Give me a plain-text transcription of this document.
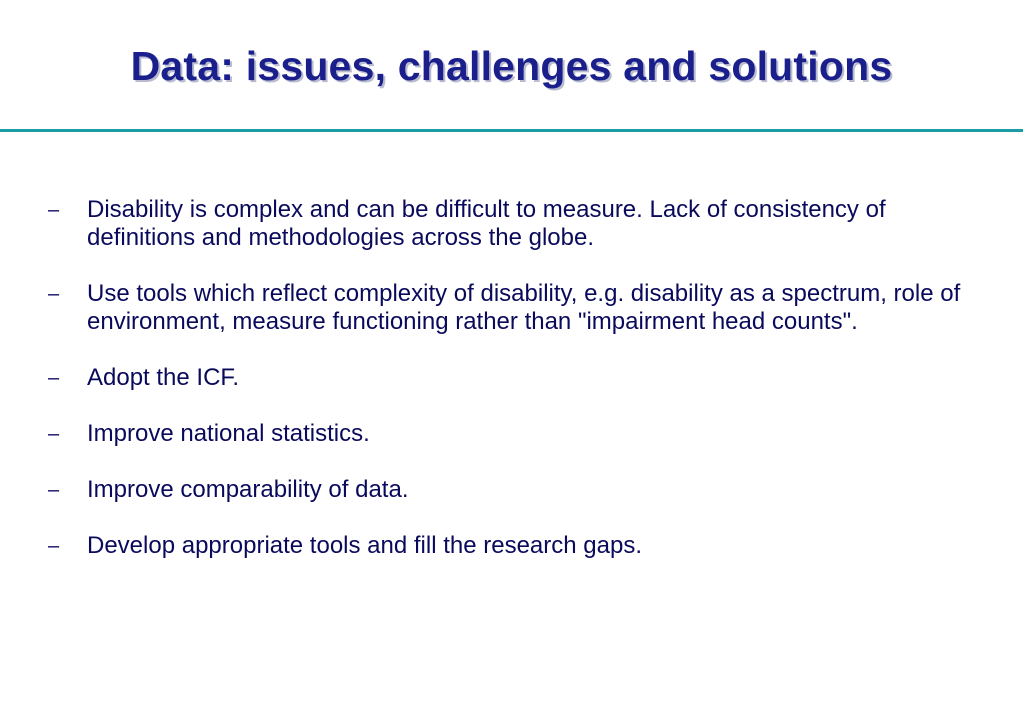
Data: issues, challenges and solutions
–	Disability is complex and can be difficult to measure. Lack of consistency of definitions and methodologies across the globe.
–	Use tools which reflect complexity of disability, e.g. disability as a spectrum, role of environment, measure functioning rather than "impairment head counts".
–	Adopt the ICF.
–	Improve national statistics.
–	Improve comparability of data.
–	Develop appropriate tools and fill the research gaps.
